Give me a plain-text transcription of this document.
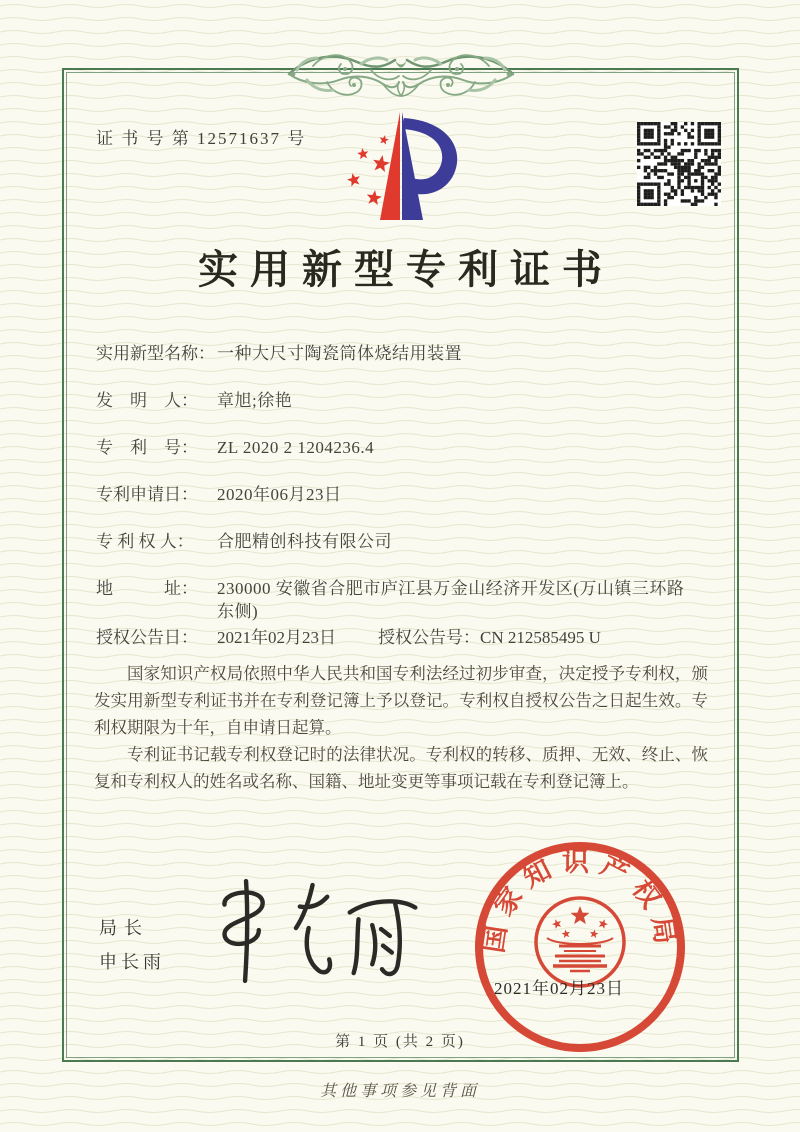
证 书 号 第 12571637 号
实用新型专利证书
实用新型名称： 一种大尺寸陶瓷筒体烧结用装置
发　明　人：	章旭;徐艳
专　利　号：	ZL 2020 2 1204236.4
专利申请日：	2020年06月23日
专 利 权 人：	合肥精创科技有限公司
地　　　址：	230000 安徽省合肥市庐江县万金山经济开发区(万山镇三环路东侧)
授权公告日：	2021年02月23日 授权公告号： CN 212585495 U

国家知识产权局依照中华人民共和国专利法经过初步审查，决定授予专利权，颁发实用新型专利证书并在专利登记簿上予以登记。专利权自授权公告之日起生效。专利权期限为十年，自申请日起算。

专利证书记载专利权登记时的法律状况。专利权的转移、质押、无效、终止、恢复和专利权人的姓名或名称、国籍、地址变更等事项记载在专利登记簿上。

局长
申长雨
国家知识产权局
2021年02月23日
第 1 页 (共 2 页)
其他事项参见背面
